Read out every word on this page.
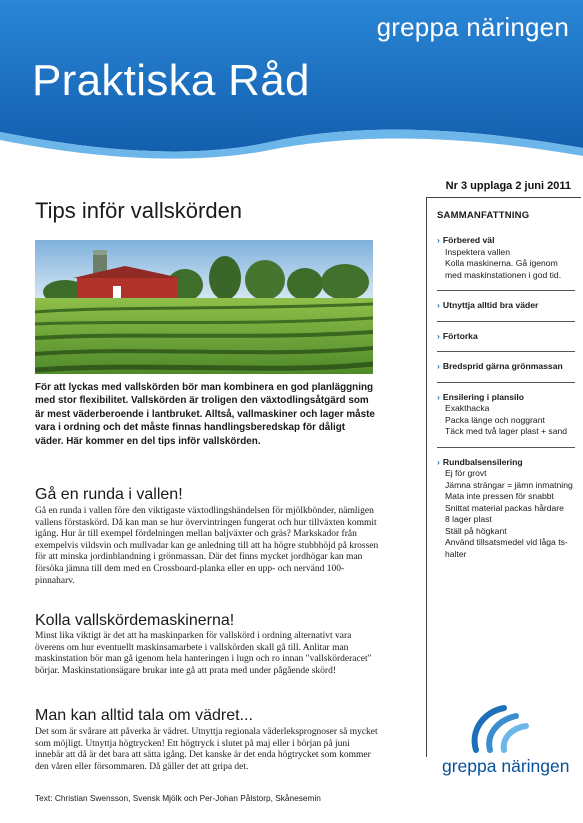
greppa näringen
Praktiska Råd
Nr 3 upplaga 2 juni 2011
Tips inför vallskörden
För att lyckas med vallskörden bör man kombinera en god planläggning med stor flexibilitet. Vallskörden är troligen den växtodlingsåtgärd som är mest väderberoende i lantbruket. Alltså, vallmaskiner och lager måste vara i ordning och det måste finnas handlingsberedskap för dåligt väder. Här kommer en del tips inför vallskörden.
Gå en runda i vallen!
Gå en runda i vallen före den viktigaste växtodlingshändelsen för mjölkbönder, nämligen vallens förstaskörd. Då kan man se hur övervintringen fungerat och hur tillväxten kommit igång. Hur är till exempel fördelningen mellan baljväxter och gräs? Markskador från exempelvis vildsvin och mullvadar kan ge anledning till att ha högre stubbhöjd på krossen för att minska jordinblandning i grönmassan. Där det finns mycket jordhögar kan man försöka jämna till dem med en Crossboard-planka eller en upp- och nervänd 100-pinnaharv.
Kolla vallskördemaskinerna!
Minst lika viktigt är det att ha maskinparken för vallskörd i ordning alternativt vara överens om hur eventuellt maskinsamarbete i vallskörden skall gå till. Anlitar man maskinstation bör man gå igenom hela hanteringen i lugn och ro innan "vallskörderacet" börjar. Maskinstationsägare brukar inte gå att prata med under pågående skörd!
Man kan alltid tala om vädret...
Det som är svårare att påverka är vädret. Utnyttja regionala väderleksprognoser så mycket som möjligt. Utnyttja högtrycken! Ett högtryck i slutet på maj eller i början på juni innebär att då är det bara att sätta igång. Det kanske är det enda högtrycket som kommer den våren eller försommaren. Då gäller det att gripa det.
Text: Christian Swensson, Svensk Mjölk och Per-Johan Pålstorp, Skånesemin
SAMMANFATTNING
› Förbered väl
Inspektera vallen
Kolla maskinerna. Gå igenom med maskinstationen i god tid.
› Utnyttja alltid bra väder
› Förtorka
› Bredsprid gärna grönmassan
› Ensilering i plansilo
Exakthacka
Packa länge och noggrant
Täck med två lager plast + sand
› Rundbalsensilering
Ej för grovt
Jämna strängar = jämn inmatning
Mata inte pressen för snabbt
Snittat material packas hårdare
8 lager plast
Ställ på högkant
Använd tillsatsmedel vid låga ts-halter
greppa näringen
